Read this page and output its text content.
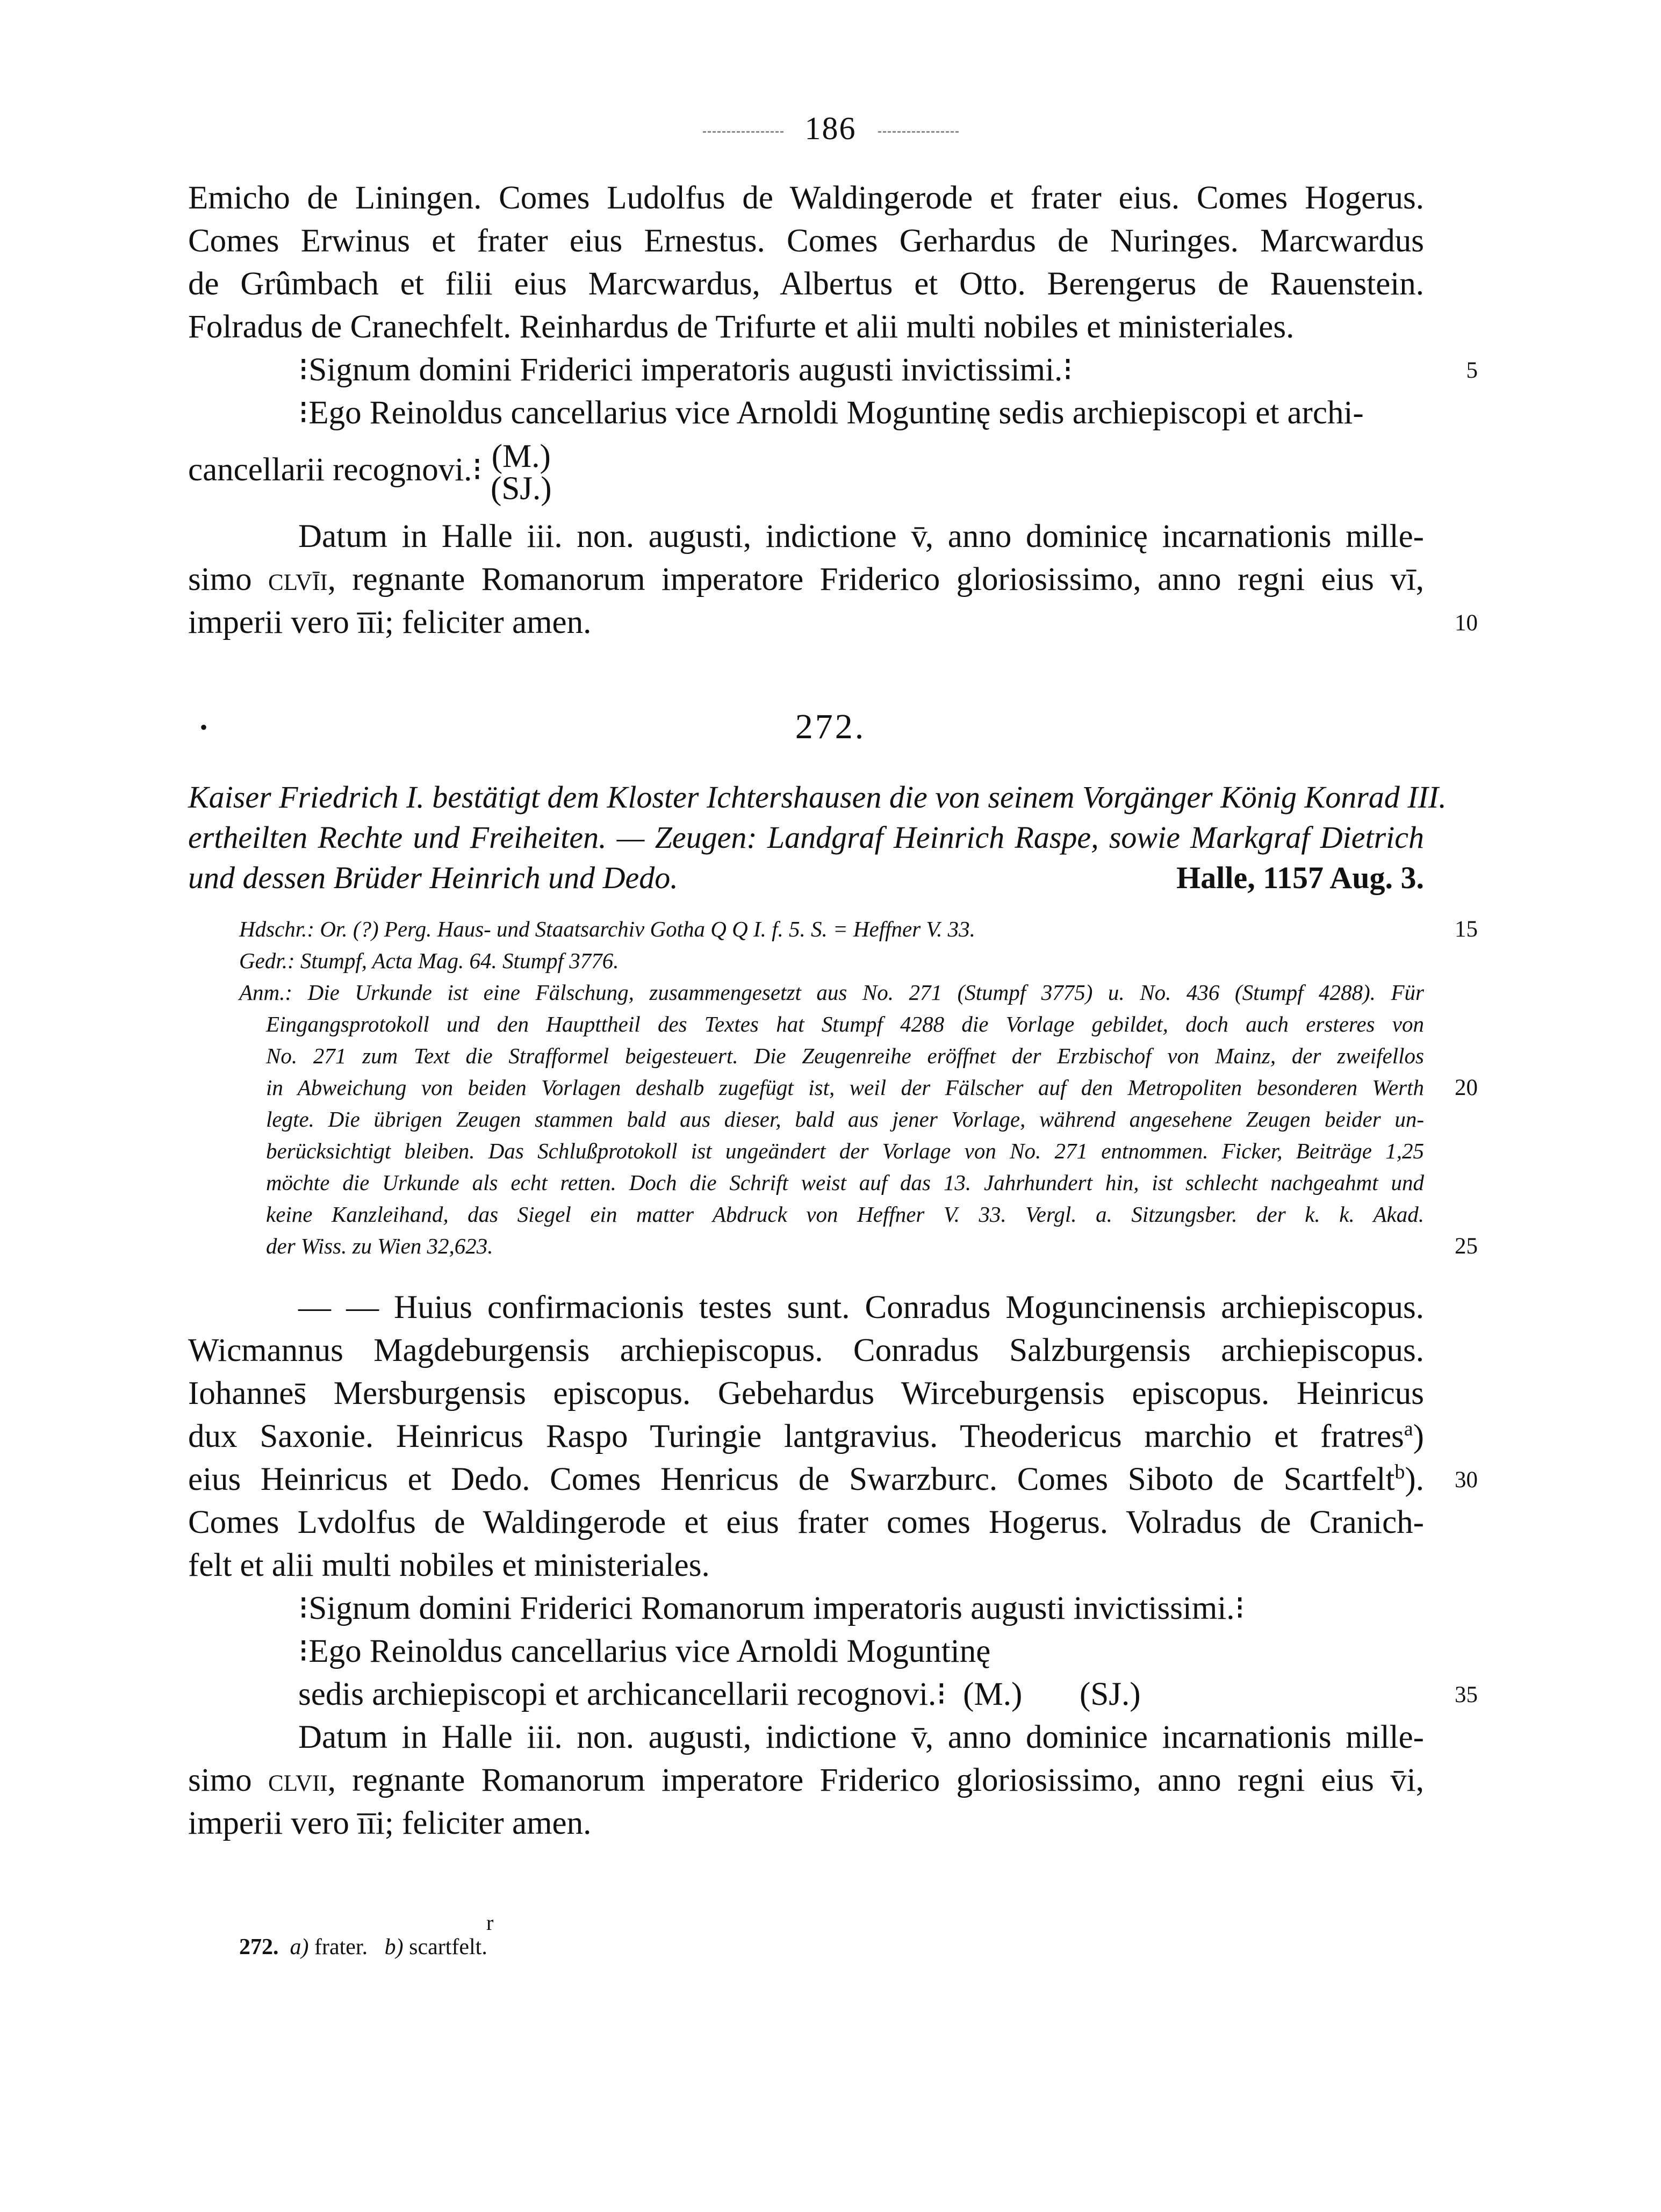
186
Emicho de Liningen. Comes Ludolfus de Waldingerode et frater eius. Comes Hogerus.
Comes Erwinus et frater eius Ernestus. Comes Gerhardus de Nuringes. Marcwardus
de Grûmbach et filii eius Marcwardus, Albertus et Otto. Berengerus de Rauenstein.
Folradus de Cranechfelt. Reinhardus de Trifurte et alii multi nobiles et ministeriales.
⁝Signum domini Friderici imperatoris augusti invictissimi.⁝	5
⁝Ego Reinoldus cancellarius vice Arnoldi Moguntinę sedis archiepiscopi et archi-
cancellarii recognovi.⁝ (M.)
(SJ.)
Datum in Halle iii. non. augusti, indictione v̄, anno dominicę incarnationis mille-
simo clvīi, regnante Romanorum imperatore Friderico gloriosissimo, anno regni eius vī,
imperii vero īīi; feliciter amen.	10
•	272.
Kaiser Friedrich I. bestätigt dem Kloster Ichtershausen die von seinem Vorgänger König Konrad III.
ertheilten Rechte und Freiheiten. — Zeugen: Landgraf Heinrich Raspe, sowie Markgraf Dietrich
und dessen Brüder Heinrich und Dedo.	Halle, 1157 Aug. 3.
Hdschr.: Or. (?) Perg. Haus- und Staatsarchiv Gotha Q Q I. f. 5. S. = Heffner V. 33.	15
Gedr.: Stumpf, Acta Mag. 64. Stumpf 3776.
Anm.: Die Urkunde ist eine Fälschung, zusammengesetzt aus No. 271 (Stumpf 3775) u. No. 436 (Stumpf 4288). Für
Eingangsprotokoll und den Haupttheil des Textes hat Stumpf 4288 die Vorlage gebildet, doch auch ersteres von
No. 271 zum Text die Strafformel beigesteuert. Die Zeugenreihe eröffnet der Erzbischof von Mainz, der zweifellos
in Abweichung von beiden Vorlagen deshalb zugefügt ist, weil der Fälscher auf den Metropoliten besonderen Werth	20
legte. Die übrigen Zeugen stammen bald aus dieser, bald aus jener Vorlage, während angesehene Zeugen beider un-
berücksichtigt bleiben. Das Schlußprotokoll ist ungeändert der Vorlage von No. 271 entnommen. Ficker, Beiträge 1,25
möchte die Urkunde als echt retten. Doch die Schrift weist auf das 13. Jahrhundert hin, ist schlecht nachgeahmt und
keine Kanzleihand, das Siegel ein matter Abdruck von Heffner V. 33. Vergl. a. Sitzungsber. der k. k. Akad.
der Wiss. zu Wien 32,623.	25
— — Huius confirmacionis testes sunt. Conradus Moguncinensis archiepiscopus.
Wicmannus Magdeburgensis archiepiscopus. Conradus Salzburgensis archiepiscopus.
Iohannes̄ Mersburgensis episcopus. Gebehardus Wirceburgensis episcopus. Heinricus
dux Saxonie. Heinricus Raspo Turingie lantgravius. Theodericus marchio et fratres$^a$)
eius Heinricus et Dedo. Comes Henricus de Swarzburc. Comes Siboto de Scartfelt$^b$).	30
Comes Lvdolfus de Waldingerode et eius frater comes Hogerus. Volradus de Cranich-
felt et alii multi nobiles et ministeriales.
⁝Signum domini Friderici Romanorum imperatoris augusti invictissimi.⁝
⁝Ego Reinoldus cancellarius vice Arnoldi Moguntinę
sedis archiepiscopi et archicancellarii recognovi.⁝ (M.) (SJ.)	35
Datum in Halle iii. non. augusti, indictione v̄, anno dominice incarnationis mille-
simo clvii, regnante Romanorum imperatore Friderico gloriosissimo, anno regni eius v̄i,
imperii vero īīi; feliciter amen.
r
272. a) frater. b) scartfelt.
